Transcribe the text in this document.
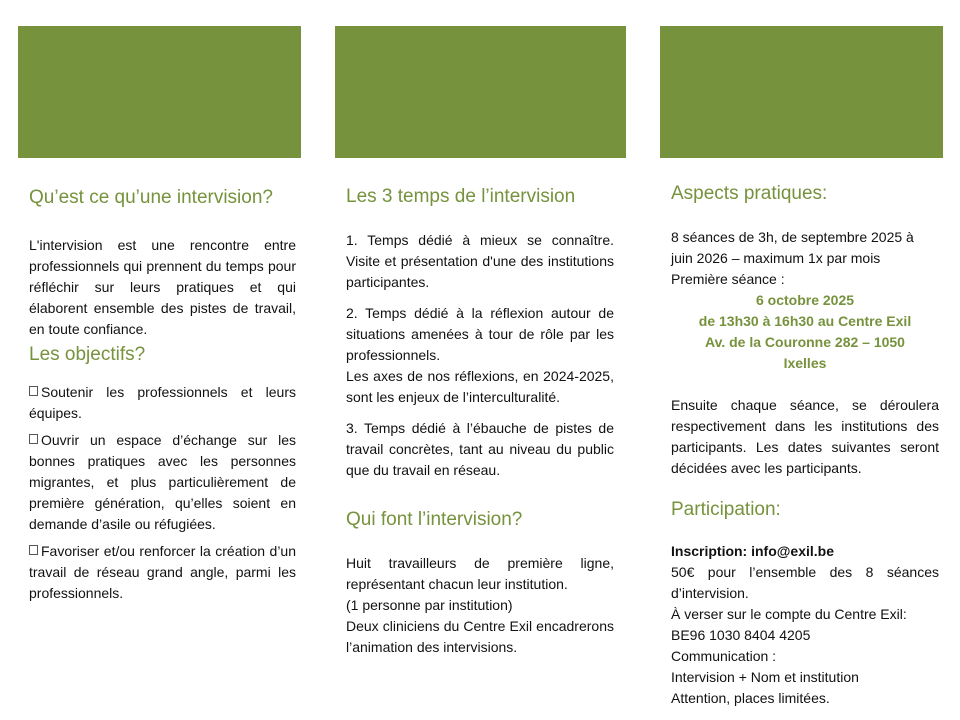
Qu’est ce qu’une intervision?

L'intervision est une rencontre entre professionnels qui prennent du temps pour réfléchir sur leurs pratiques et qui élaborent ensemble des pistes de travail, en toute confiance.

Les objectifs?

Soutenir les professionnels et leurs équipes.

Ouvrir un espace d’échange sur les bonnes pratiques avec les personnes migrantes, et plus particulièrement de première génération, qu’elles soient en demande d’asile ou réfugiées.

Favoriser et/ou renforcer la création d’un travail de réseau grand angle, parmi les professionnels.

Les 3 temps de l’intervision

1. Temps dédié à mieux se connaître. Visite et présentation d'une des institutions participantes.

2. Temps dédié à la réflexion autour de situations amenées à tour de rôle par les professionnels.

Les axes de nos réflexions, en 2024-2025, sont les enjeux de l’interculturalité.

3. Temps dédié à l’ébauche de pistes de travail concrètes, tant au niveau du public que du travail en réseau.

Qui font l’intervision?

Huit travailleurs de première ligne, représentant chacun leur institution.

(1 personne par institution)

Deux cliniciens du Centre Exil encadrerons l’animation des intervisions.

Aspects pratiques:

8 séances de 3h, de septembre 2025 à juin 2026 – maximum 1x par mois

Première séance :

6 octobre 2025

de 13h30 à 16h30 au Centre Exil

Av. de la Couronne 282 – 1050

Ixelles

Ensuite chaque séance, se déroulera respectivement dans les institutions des participants. Les dates suivantes seront décidées avec les participants.

Participation:

Inscription: info@exil.be

50€ pour l’ensemble des 8 séances d’intervision.

À verser sur le compte du Centre Exil:

BE96 1030 8404 4205

Communication :

Intervision + Nom et institution

Attention, places limitées.
